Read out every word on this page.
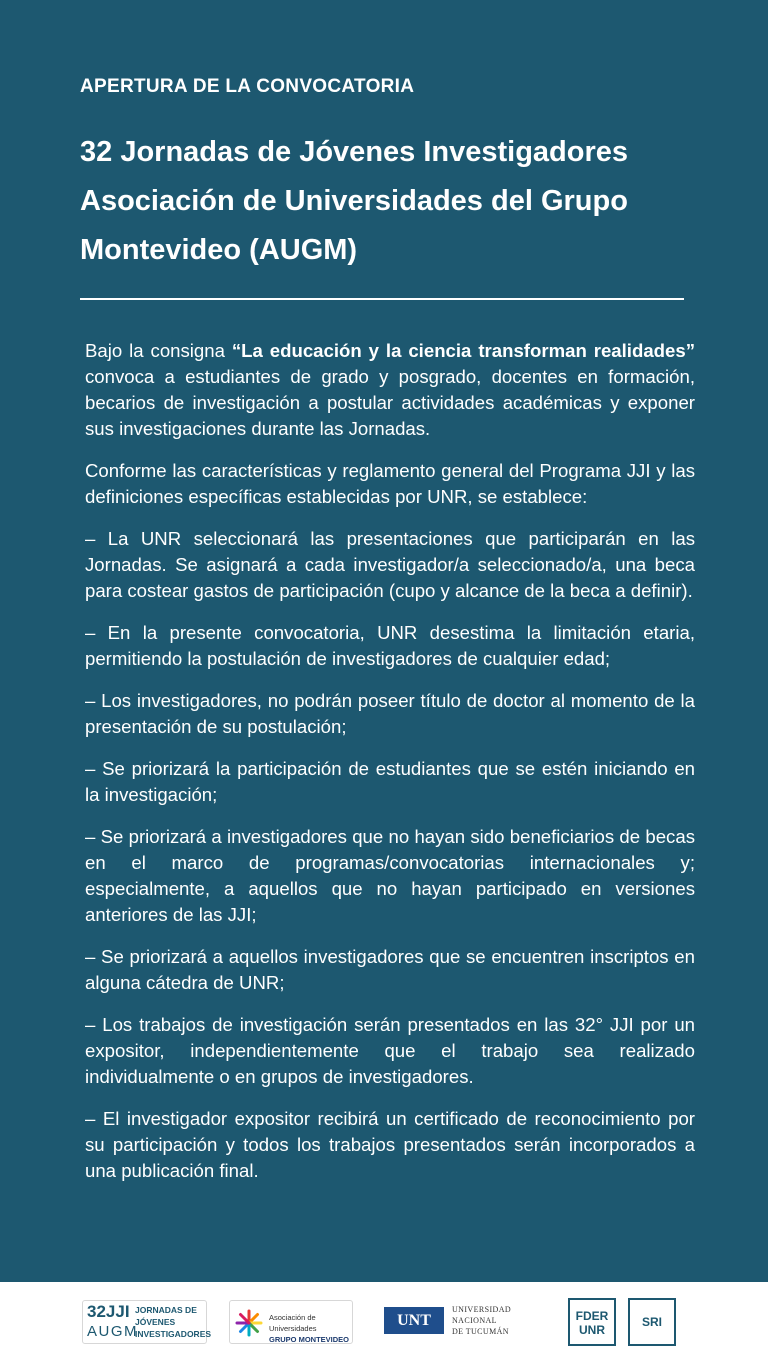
APERTURA DE LA CONVOCATORIA
32 Jornadas de Jóvenes Investigadores
Asociación de Universidades del Grupo
Montevideo (AUGM)

Bajo la consigna “La educación y la ciencia transforman realidades” convoca a estudiantes de grado y posgrado, docentes en formación, becarios de investigación a postular actividades académicas y exponer sus investigaciones durante las Jornadas.

Conforme las características y reglamento general del Programa JJI y las definiciones específicas establecidas por UNR, se establece:

– La UNR seleccionará las presentaciones que participarán en las Jornadas. Se asignará a cada investigador/a seleccionado/a, una beca para costear gastos de participación (cupo y alcance de la beca a definir).

– En la presente convocatoria, UNR desestima la limitación etaria, permitiendo la postulación de investigadores de cualquier edad;

– Los investigadores, no podrán poseer título de doctor al momento de la presentación de su postulación;

– Se priorizará la participación de estudiantes que se estén iniciando en la investigación;

– Se priorizará a investigadores que no hayan sido beneficiarios de becas en el marco de programas/convocatorias internacionales y; especialmente, a aquellos que no hayan participado en versiones anteriores de las JJI;

– Se priorizará a aquellos investigadores que se encuentren inscriptos en alguna cátedra de UNR;

– Los trabajos de investigación serán presentados en las 32° JJI por un expositor, independientemente que el trabajo sea realizado individualmente o en grupos de investigadores.

– El investigador expositor recibirá un certificado de reconocimiento por su participación y todos los trabajos presentados serán incorporados a una publicación final.

32JJI
AUGM
JORNADAS DE
JÓVENES
INVESTIGADORES
Asociación de Universidades
GRUPO MONTEVIDEO
UNT
UNIVERSIDAD
NACIONAL
DE TUCUMÁN
FDER
UNR
SRI
